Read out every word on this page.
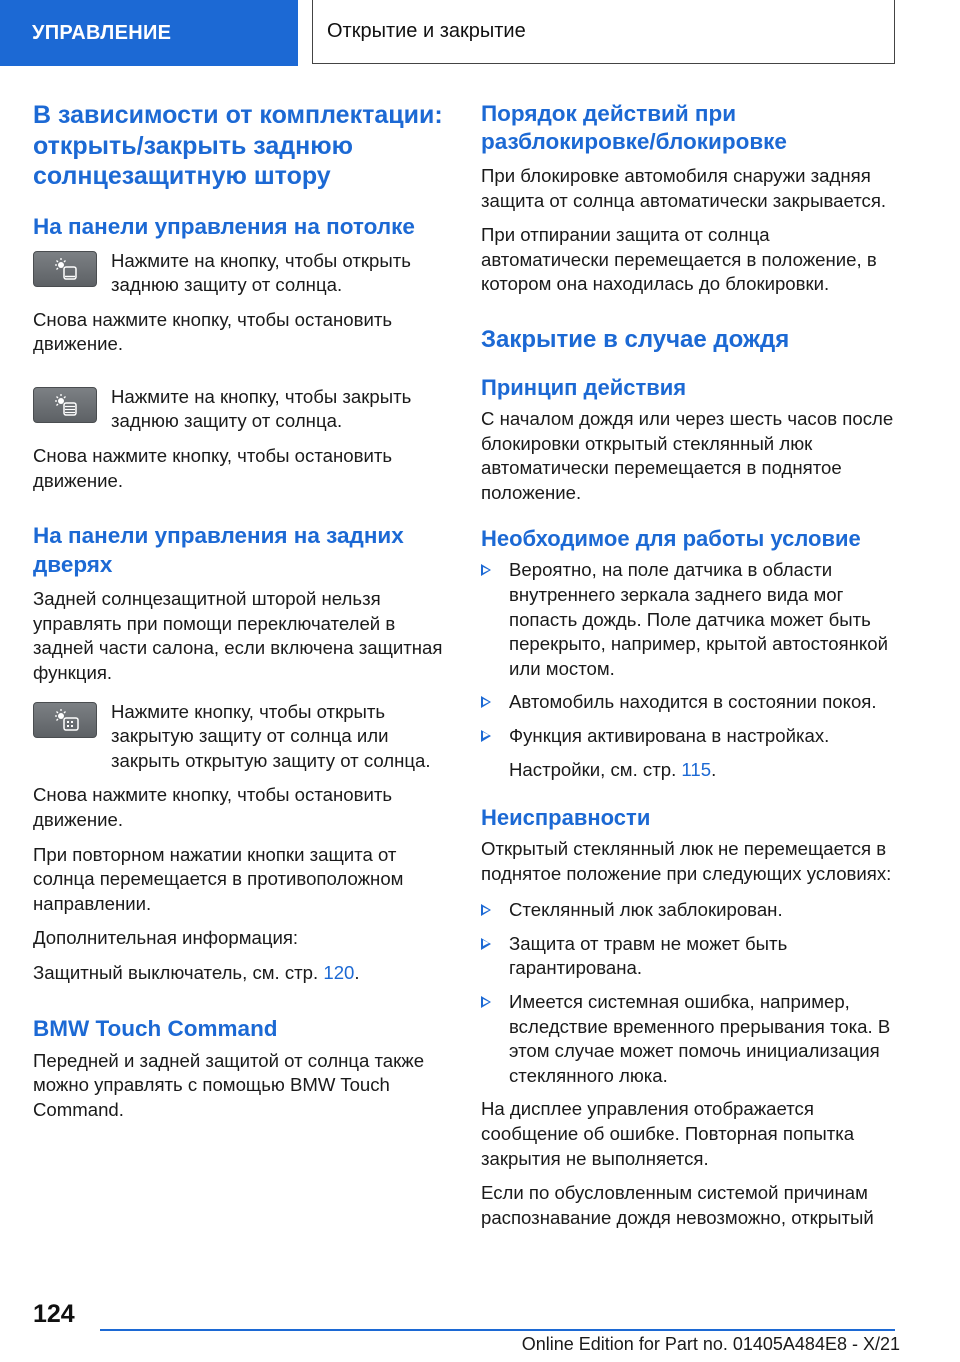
УПРАВЛЕНИЕ	Открытие и закрытие
В зависимости от комплектации: открыть/закрыть заднюю солнцезащитную штору
На панели управления на потолке

Нажмите на кнопку, чтобы открыть заднюю защиту от солнца.

Снова нажмите кнопку, чтобы остановить движение.

Нажмите на кнопку, чтобы закрыть заднюю защиту от солнца.

Снова нажмите кнопку, чтобы остановить движение.

На панели управления на задних дверях

Задней солнцезащитной шторой нельзя управлять при помощи переключателей в задней части салона, если включена защитная функция.

Нажмите кнопку, чтобы открыть закрытую защиту от солнца или закрыть открытую защиту от солнца.

Снова нажмите кнопку, чтобы остановить движение.

При повторном нажатии кнопки защита от солнца перемещается в противоположном направлении.

Дополнительная информация:

Защитный выключатель, см. стр. 120.

BMW Touch Command

Передней и задней защитой от солнца также можно управлять с помощью BMW Touch Command.

Порядок действий при разблокировке/блокировке

При блокировке автомобиля снаружи задняя защита от солнца автоматически закрывается.

При отпирании защита от солнца автоматически перемещается в положение, в котором она находилась до блокировки.

Закрытие в случае дождя
Принцип действия

С началом дождя или через шесть часов после блокировки открытый стеклянный люк автоматически перемещается в поднятое положение.

Необходимое для работы условие
Вероятно, на поле датчика в области внутреннего зеркала заднего вида мог попасть дождь. Поле датчика может быть перекрыто, например, крытой автостоянкой или мостом.
Автомобиль находится в состоянии покоя.
Функция активирована в настройках.

Настройки, см. стр. 115.

Неисправности

Открытый стеклянный люк не перемещается в поднятое положение при следующих условиях:

Стеклянный люк заблокирован.
Защита от травм не может быть гарантирована.
Имеется системная ошибка, например, вследствие временного прерывания тока. В этом случае может помочь инициализация стеклянного люка.

На дисплее управления отображается сообщение об ошибке. Повторная попытка закрытия не выполняется.

Если по обусловленным системой причинам распознавание дождя невозможно, открытый

124
Online Edition for Part no. 01405A484E8 - X/21
